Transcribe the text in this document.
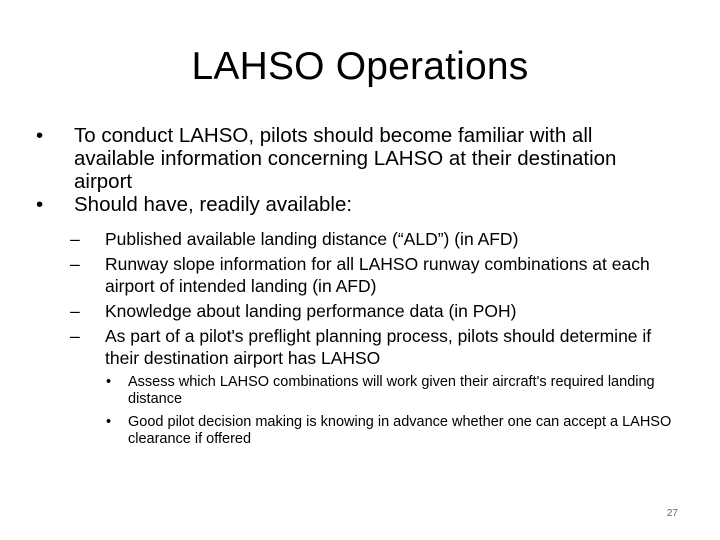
LAHSO Operations
•	To conduct LAHSO, pilots should become familiar with all available information concerning LAHSO at their destination airport
•	Should have, readily available:
– Published available landing distance (“ALD”) (in AFD)
– Runway slope information for all LAHSO runway combinations at each airport of intended landing (in AFD)
– Knowledge about landing performance data (in POH)
– As part of a pilot's preflight planning process, pilots should determine if their destination airport has LAHSO
• Assess which LAHSO combinations will work given their aircraft's required landing distance
• Good pilot decision making is knowing in advance whether one can accept a LAHSO clearance if offered
27
